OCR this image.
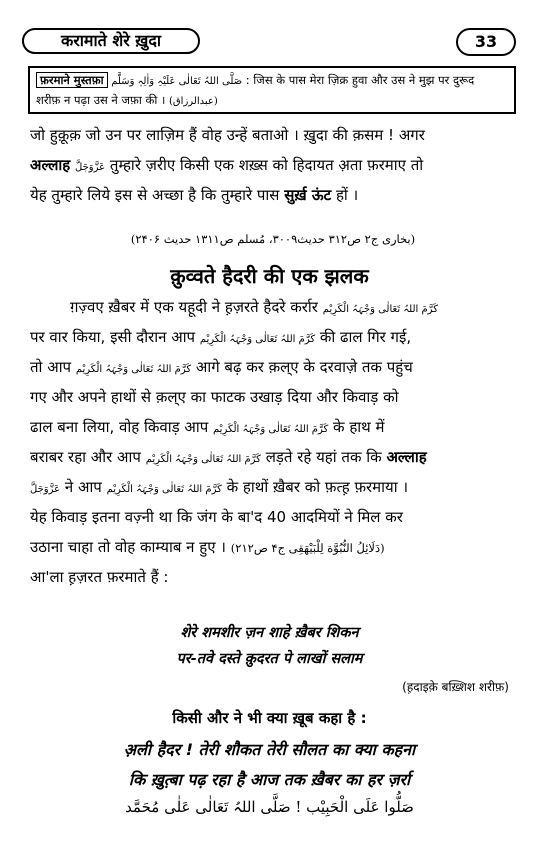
करामाते शेरे ख़ुदा	33
फ़रमाने मुस्तफ़ा صَلَّی اللہُ تَعَالٰی عَلَیْہِ وَاٰلِہٖ وَسَلَّم : जिस के पास मेरा ज़िक्र हुवा और उस ने मुझ पर दुरूद
शरीफ़ न पढ़ा उस ने जफ़ा की । (عبدالرزاق)
जो हुक़ूक़ जो उन पर लाज़िम हैं वोह उन्हें बताओ । ख़ुदा की क़सम ! अगर
अल्लाह عَزَّوَجَلَّ तुम्हारे ज़रीए किसी एक शख़्स को हिदायत अ़ता फ़रमाए तो
येह तुम्हारे लिये इस से अच्छा है कि तुम्हारे पास सुर्ख़ ऊंट हों ।
(بخاری ج۲ ص۳۱۲ حدیث۳۰۰۹، مُسلم ص۱۳۱۱ حدیث ۲۴۰۶)
क़ुव्वते हैदरी की एक झलक
ग़ज़्वए ख़ैबर में एक यहूदी ने ह़ज़रते हैदरे कर्रार کَرَّمَ اللہُ تَعَالٰی وَجْہَہُ الْکَرِیْم
पर वार किया, इसी दौरान आप کَرَّمَ اللہُ تَعَالٰی وَجْہَہُ الْکَرِیْم की ढाल गिर गई,
तो आप کَرَّمَ اللہُ تَعَالٰی وَجْہَہُ الْکَرِیْم आगे बढ़ कर क़ल्ए के दरवाज़े तक पहुंच
गए और अपने हाथों से क़ल्ए का फाटक उखाड़ दिया और किवाड़ को
ढाल बना लिया, वोह किवाड़ आप کَرَّمَ اللہُ تَعَالٰی وَجْہَہُ الْکَرِیْم के हाथ में
बराबर रहा और आप کَرَّمَ اللہُ تَعَالٰی وَجْہَہُ الْکَرِیْم लड़ते रहे यहां तक कि अल्लाह
عَزَّوَجَلَّ ने आप کَرَّمَ اللہُ تَعَالٰی وَجْہَہُ الْکَرِیْم के हाथों ख़ैबर को फ़त्ह़ फ़रमाया ।
येह किवाड़ इतना वज़्नी था कि जंग के बा'द 40 आदमियों ने मिल कर
उठाना चाहा तो वोह काम्याब न हुए । (دَلَائِلُ النُّبُوَّة لِلْبَیْھَقِی ج۴ ص۲۱۲)
आ'ला ह़ज़रत फ़रमाते हैं :
शेरे शमशीर ज़न शाहे ख़ैबर शिकन
पर-तवे दस्ते क़ुदरत पे लाखों सलाम
(ह़दाइके़ बख़्शिश शरीफ़)
किसी और ने भी क्या ख़ूब कहा है :
अ़ली हैदर ! तेरी शौकत तेरी सौलत का क्या कहना
कि ख़ुत़्बा पढ़ रहा है आज तक ख़ैबर का हर ज़र्रा
صَلُّوا عَلَی الْحَبِیْب ! صَلَّی اللہُ تَعَالٰی عَلٰی مُحَمَّد
